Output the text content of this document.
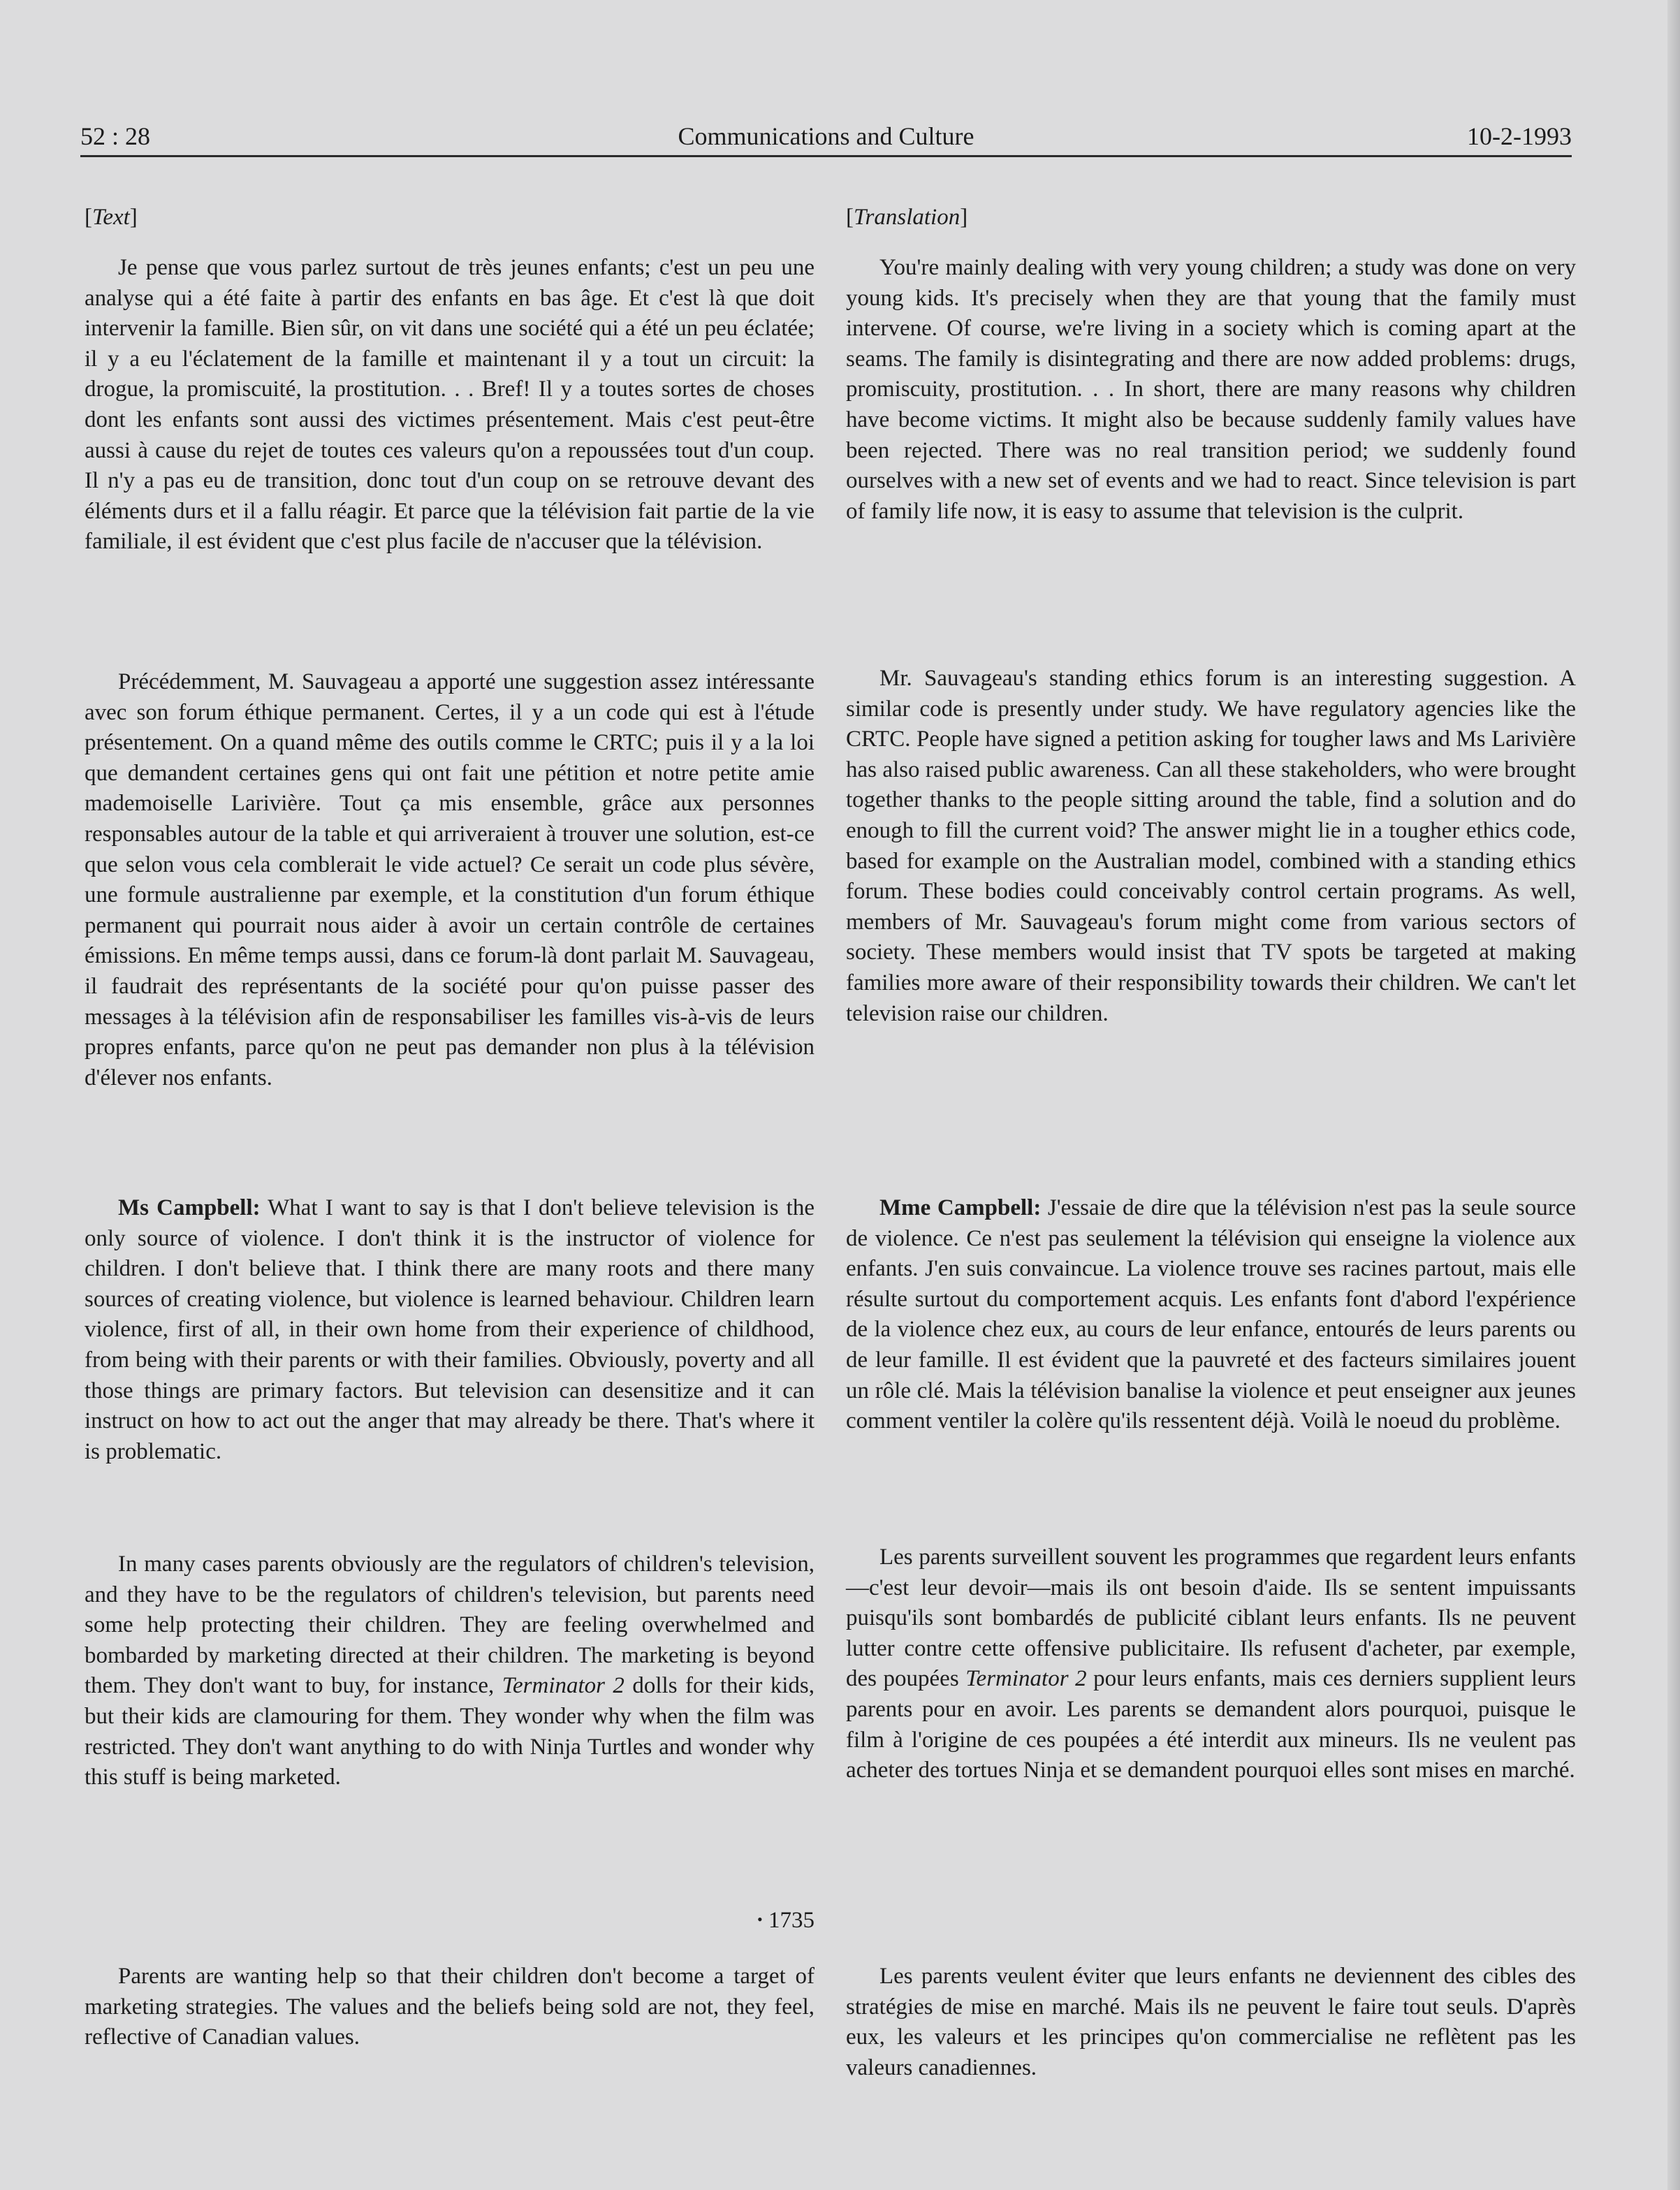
52 : 28	Communications and Culture	10-2-1993
[Text]

Je pense que vous parlez surtout de très jeunes enfants; c'est un peu une analyse qui a été faite à partir des enfants en bas âge. Et c'est là que doit intervenir la famille. Bien sûr, on vit dans une société qui a été un peu éclatée; il y a eu l'éclatement de la famille et maintenant il y a tout un circuit: la drogue, la promiscuité, la prostitution. . . Bref! Il y a toutes sortes de choses dont les enfants sont aussi des victimes présentement. Mais c'est peut-être aussi à cause du rejet de toutes ces valeurs qu'on a repoussées tout d'un coup. Il n'y a pas eu de transition, donc tout d'un coup on se retrouve devant des éléments durs et il a fallu réagir. Et parce que la télévision fait partie de la vie familiale, il est évident que c'est plus facile de n'accuser que la télévision.

Précédemment, M. Sauvageau a apporté une suggestion assez intéressante avec son forum éthique permanent. Certes, il y a un code qui est à l'étude présentement. On a quand même des outils comme le CRTC; puis il y a la loi que demandent certaines gens qui ont fait une pétition et notre petite amie mademoiselle Larivière. Tout ça mis ensemble, grâce aux personnes responsables autour de la table et qui arriveraient à trouver une solution, est-ce que selon vous cela comblerait le vide actuel? Ce serait un code plus sévère, une formule australienne par exemple, et la constitution d'un forum éthique permanent qui pourrait nous aider à avoir un certain contrôle de certaines émissions. En même temps aussi, dans ce forum-là dont parlait M. Sauvageau, il faudrait des représentants de la société pour qu'on puisse passer des messages à la télévision afin de responsabiliser les familles vis-à-vis de leurs propres enfants, parce qu'on ne peut pas demander non plus à la télévision d'élever nos enfants.

Ms Campbell: What I want to say is that I don't believe television is the only source of violence. I don't think it is the instructor of violence for children. I don't believe that. I think there are many roots and there many sources of creating violence, but violence is learned behaviour. Children learn violence, first of all, in their own home from their experience of childhood, from being with their parents or with their families. Obviously, poverty and all those things are primary factors. But television can desensitize and it can instruct on how to act out the anger that may already be there. That's where it is problematic.

In many cases parents obviously are the regulators of children's television, and they have to be the regulators of children's television, but parents need some help protecting their children. They are feeling overwhelmed and bombarded by marketing directed at their children. The marketing is beyond them. They don't want to buy, for instance, Terminator 2 dolls for their kids, but their kids are clamouring for them. They wonder why when the film was restricted. They don't want anything to do with Ninja Turtles and wonder why this stuff is being marketed.

• 1735

Parents are wanting help so that their children don't become a target of marketing strategies. The values and the beliefs being sold are not, they feel, reflective of Canadian values.

[Translation]

You're mainly dealing with very young children; a study was done on very young kids. It's precisely when they are that young that the family must intervene. Of course, we're living in a society which is coming apart at the seams. The family is disintegrating and there are now added problems: drugs, promiscuity, prostitution. . . In short, there are many reasons why children have become victims. It might also be because suddenly family values have been rejected. There was no real transition period; we suddenly found ourselves with a new set of events and we had to react. Since television is part of family life now, it is easy to assume that television is the culprit.

Mr. Sauvageau's standing ethics forum is an interesting suggestion. A similar code is presently under study. We have regulatory agencies like the CRTC. People have signed a petition asking for tougher laws and Ms Larivière has also raised public awareness. Can all these stakeholders, who were brought together thanks to the people sitting around the table, find a solution and do enough to fill the current void? The answer might lie in a tougher ethics code, based for example on the Australian model, combined with a standing ethics forum. These bodies could conceivably control certain programs. As well, members of Mr. Sauvageau's forum might come from various sectors of society. These members would insist that TV spots be targeted at making families more aware of their responsibility towards their children. We can't let television raise our children.

Mme Campbell: J'essaie de dire que la télévision n'est pas la seule source de violence. Ce n'est pas seulement la télévision qui enseigne la violence aux enfants. J'en suis convaincue. La violence trouve ses racines partout, mais elle résulte surtout du comportement acquis. Les enfants font d'abord l'expérience de la violence chez eux, au cours de leur enfance, entourés de leurs parents ou de leur famille. Il est évident que la pauvreté et des facteurs similaires jouent un rôle clé. Mais la télévision banalise la violence et peut enseigner aux jeunes comment ventiler la colère qu'ils ressentent déjà. Voilà le noeud du problème.

Les parents surveillent souvent les programmes que regardent leurs enfants—c'est leur devoir—mais ils ont besoin d'aide. Ils se sentent impuissants puisqu'ils sont bombardés de publicité ciblant leurs enfants. Ils ne peuvent lutter contre cette offensive publicitaire. Ils refusent d'acheter, par exemple, des poupées Terminator 2 pour leurs enfants, mais ces derniers supplient leurs parents pour en avoir. Les parents se demandent alors pourquoi, puisque le film à l'origine de ces poupées a été interdit aux mineurs. Ils ne veulent pas acheter des tortues Ninja et se demandent pourquoi elles sont mises en marché.

Les parents veulent éviter que leurs enfants ne deviennent des cibles des stratégies de mise en marché. Mais ils ne peuvent le faire tout seuls. D'après eux, les valeurs et les principes qu'on commercialise ne reflètent pas les valeurs canadiennes.
